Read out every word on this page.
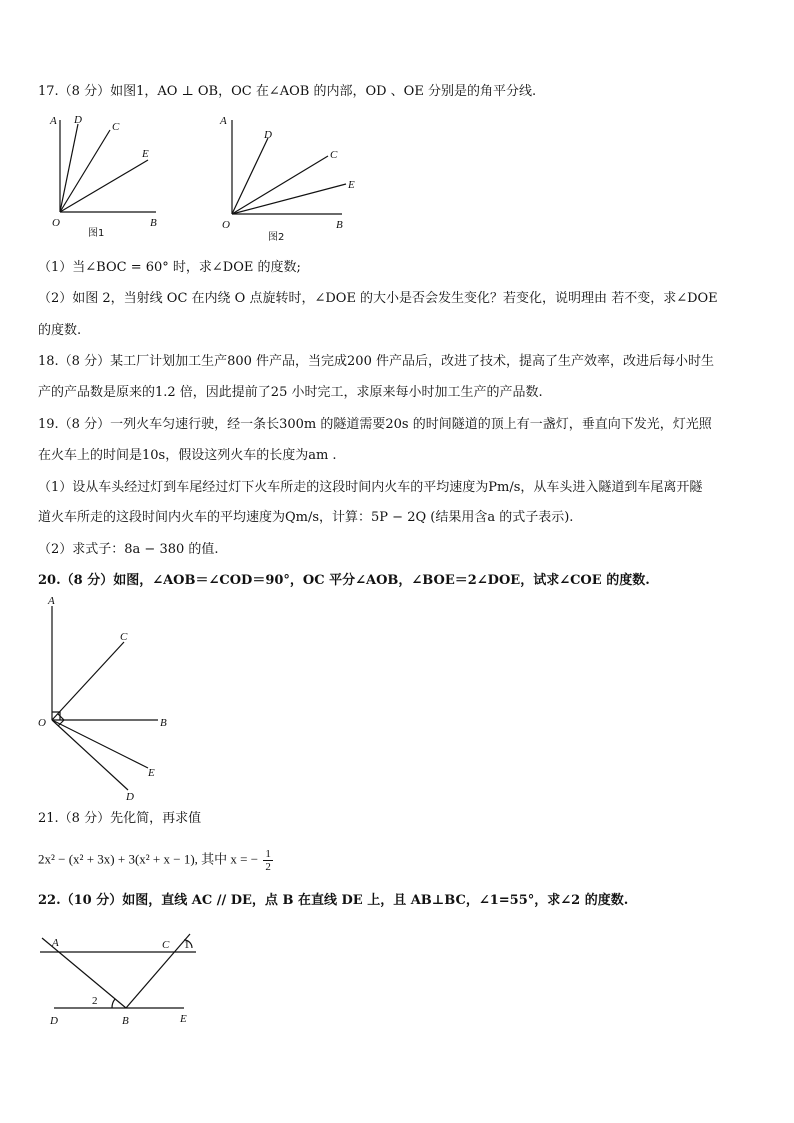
17.（8 分）如图1，AO ⊥ OB，OC 在∠AOB 的内部，OD 、OE 分别是的角平分线.
A D
C
E
O	B
图1
A
D
C
E
O	B
图2
（1）当∠BOC = 60° 时，求∠DOE 的度数;
（2）如图 2，当射线 OC 在内绕 O 点旋转时，∠DOE 的大小是否会发生变化？若变化，说明理由 若不变，求∠DOE
的度数.
18.（8 分）某工厂计划加工生产800 件产品，当完成200 件产品后，改进了技术，提高了生产效率，改进后每小时生
产的产品数是原来的1.2 倍，因此提前了25 小时完工，求原来每小时加工生产的产品数.
19.（8 分）一列火车匀速行驶，经一条长300m 的隧道需要20s 的时间隧道的顶上有一盏灯，垂直向下发光，灯光照
在火车上的时间是10s，假设这列火车的长度为am .
（1）设从车头经过灯到车尾经过灯下火车所走的这段时间内火车的平均速度为Pm/s，从车头进入隧道到车尾离开隧
道火车所走的这段时间内火车的平均速度为Qm/s，计算：5P − 2Q (结果用含a 的式子表示).
（2）求式子：8a − 380 的值.
20.（8 分）如图，∠AOB＝∠COD＝90°，OC 平分∠AOB，∠BOE＝2∠DOE，试求∠COE 的度数.
A
C
O	B
E
D
21.（8 分）先化简，再求值
2x² − (x² + 3x) + 3(x² + x − 1), 其中 x = − $\frac{1}{2}$
22.（10 分）如图，直线 AC // DE，点 B 在直线 DE 上，且 AB⊥BC，∠1=55°，求∠2 的度数.
A	C 1
2
D	B	E
